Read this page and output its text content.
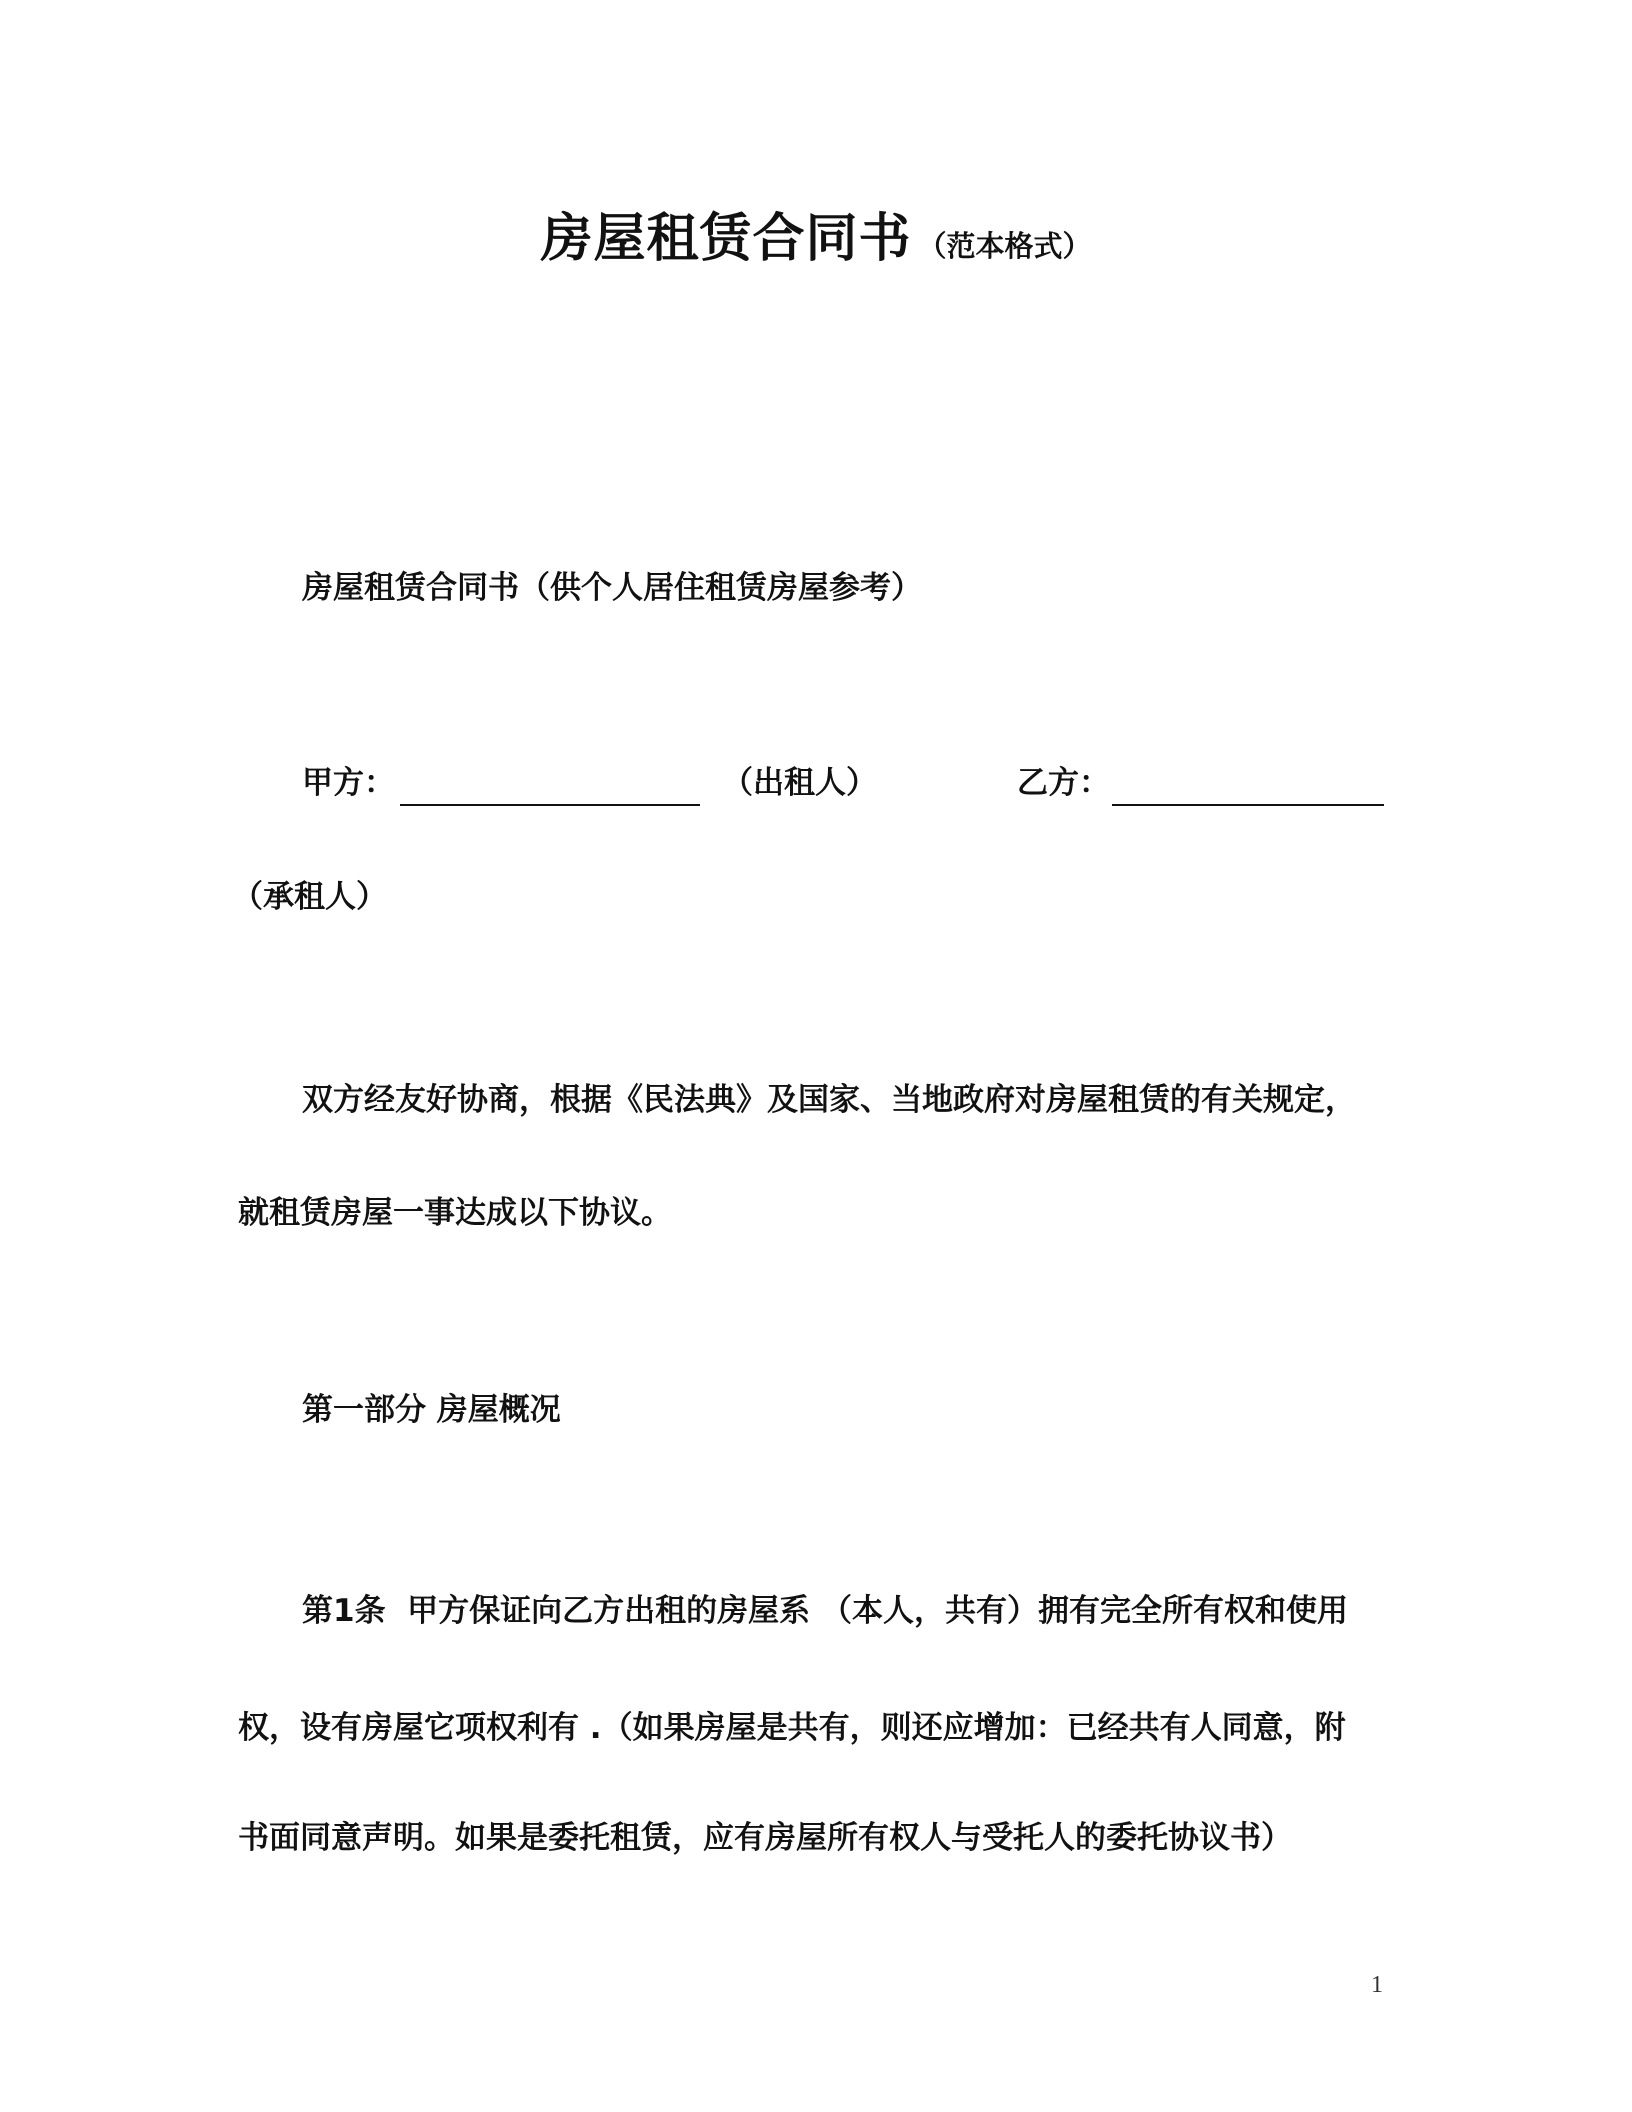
房屋租赁合同书 （范本格式）
房屋租赁合同书（供个人居住租赁房屋参考）
甲方：	（出租人）	乙方：
（承租人）
双方经友好协商，根据《民法典》及国家、当地政府对房屋租赁的有关规定，
就租赁房屋一事达成以下协议。
第一部分 房屋概况
第1条 甲方保证向乙方出租的房屋系 （本人，共有）拥有完全所有权和使用
权，设有房屋它项权利有 .（如果房屋是共有，则还应增加：已经共有人同意，附
书面同意声明。如果是委托租赁，应有房屋所有权人与受托人的委托协议书）
1
